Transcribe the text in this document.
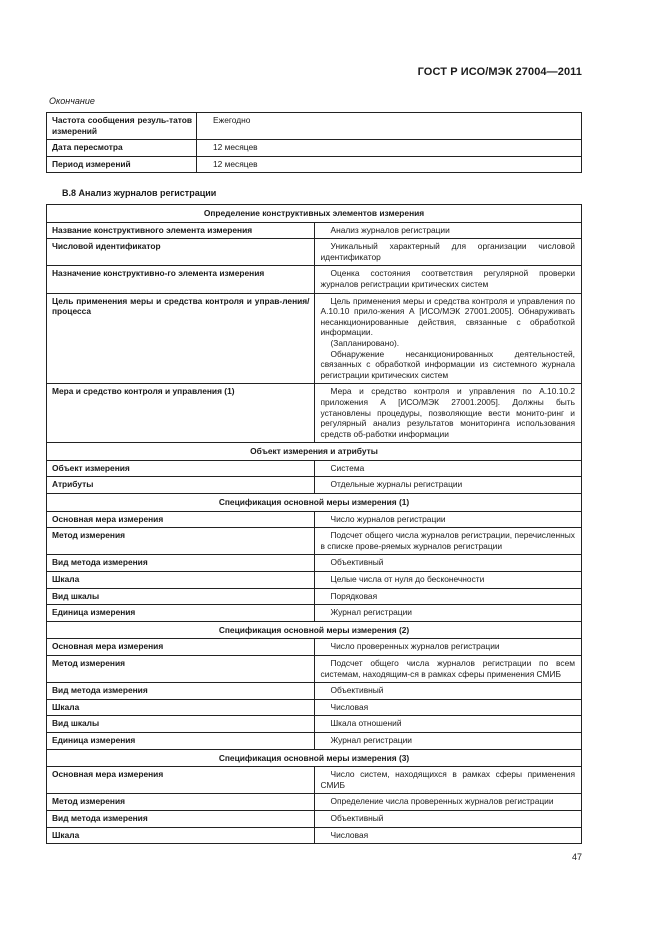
ГОСТ Р ИСО/МЭК 27004—2011
Окончание
Частота сообщения резуль-татов измерений	Ежегодно

Дата пересмотра	12 месяцев

Период измерений	12 месяцев

B.8 Анализ журналов регистрации
Определение конструктивных элементов измерения	
Название конструктивного элемента измерения	Анализ журналов регистрации

Числовой идентификатор	Уникальный характерный для организации числовой идентификатор

Назначение конструктивно-го элемента измерения	Оценка состояния соответствия регулярной проверки журналов регистрации критических систем

Цель применения меры и средства контроля и управ-ления/процесса	Цель применения меры и средства контроля и управления по А.10.10 прило-жения А [ИСО/МЭК 27001.2005]. Обнаруживать несанкционированные действия, связанные с обработкой информации.

(Запланировано).

Обнаружение несанкционированных деятельностей, связанных с обработкой информации из системного журнала регистрации критических систем

Мера и средство контроля и управления (1)	Мера и средство контроля и управления по А.10.10.2 приложения А [ИСО/МЭК 27001.2005]. Должны быть установлены процедуры, позволяющие вести монито-ринг и регулярный анализ результатов мониторинга использования средств об-работки информации

Объект измерения и атрибуты	
Объект измерения	Система

Атрибуты	Отдельные журналы регистрации

Спецификация основной меры измерения (1)	
Основная мера измерения	Число журналов регистрации

Метод измерения	Подсчет общего числа журналов регистрации, перечисленных в списке прове-ряемых журналов регистрации

Вид метода измерения	Объективный

Шкала	Целые числа от нуля до бесконечности

Вид шкалы	Порядковая

Единица измерения	Журнал регистрации

Спецификация основной меры измерения (2)	
Основная мера измерения	Число проверенных журналов регистрации

Метод измерения	Подсчет общего числа журналов регистрации по всем системам, находящим-ся в рамках сферы применения СМИБ

Вид метода измерения	Объективный

Шкала	Числовая

Вид шкалы	Шкала отношений

Единица измерения	Журнал регистрации

Спецификация основной меры измерения (3)	
Основная мера измерения	Число систем, находящихся в рамках сферы применения СМИБ

Метод измерения	Определение числа проверенных журналов регистрации

Вид метода измерения	Объективный

Шкала	Числовая

47
